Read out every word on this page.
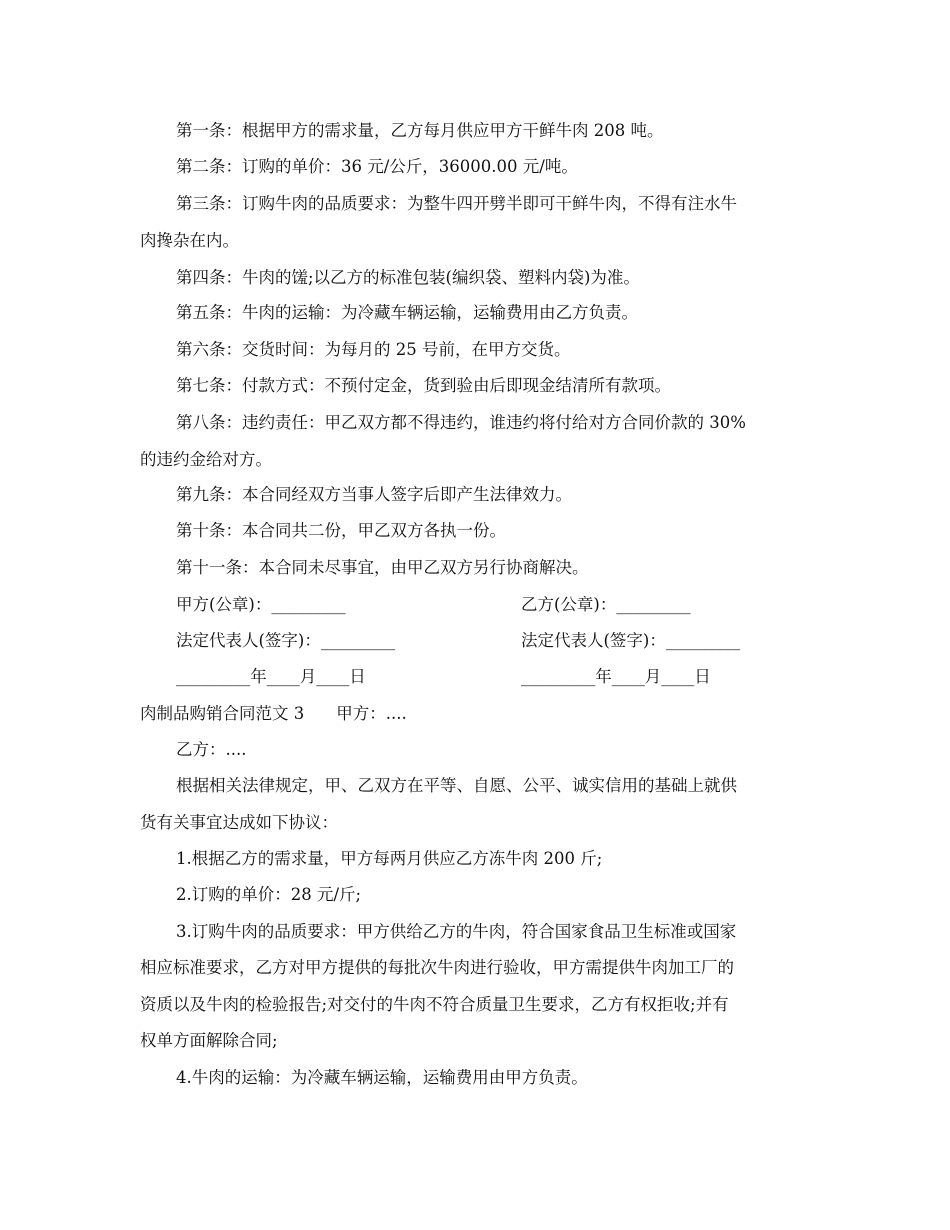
第一条：根据甲方的需求量，乙方每月供应甲方干鲜牛肉 208 吨。
第二条：订购的单价：36 元/公斤，36000.00 元/吨。
第三条：订购牛肉的品质要求：为整牛四开劈半即可干鲜牛肉，不得有注水牛
肉搀杂在内。
第四条：牛肉的馐;以乙方的标准包装(编织袋、塑料内袋)为准。
第五条：牛肉的运输：为冷藏车辆运输，运输费用由乙方负责。
第六条：交货时间：为每月的 25 号前，在甲方交货。
第七条：付款方式：不预付定金，货到验由后即现金结清所有款项。
第八条：违约责任：甲乙双方都不得违约，谁违约将付给对方合同价款的 30%
的违约金给对方。
第九条：本合同经双方当事人签字后即产生法律效力。
第十条：本合同共二份，甲乙双方各执一份。
第十一条：本合同未尽事宜，由甲乙双方另行协商解决。
甲方(公章)：_________	乙方(公章)：_________
法定代表人(签字)：_________	法定代表人(签字)：_________
_________年____月____日	_________年____月____日
肉制品购销合同范文 3 甲方：....
乙方：....
根据相关法律规定，甲、乙双方在平等、自愿、公平、诚实信用的基础上就供
货有关事宜达成如下协议：
1.根据乙方的需求量，甲方每两月供应乙方冻牛肉 200 斤;
2.订购的单价：28 元/斤;
3.订购牛肉的品质要求：甲方供给乙方的牛肉，符合国家食品卫生标准或国家
相应标准要求，乙方对甲方提供的每批次牛肉进行验收，甲方需提供牛肉加工厂的
资质以及牛肉的检验报告;对交付的牛肉不符合质量卫生要求，乙方有权拒收;并有
权单方面解除合同;
4.牛肉的运输：为冷藏车辆运输，运输费用由甲方负责。
